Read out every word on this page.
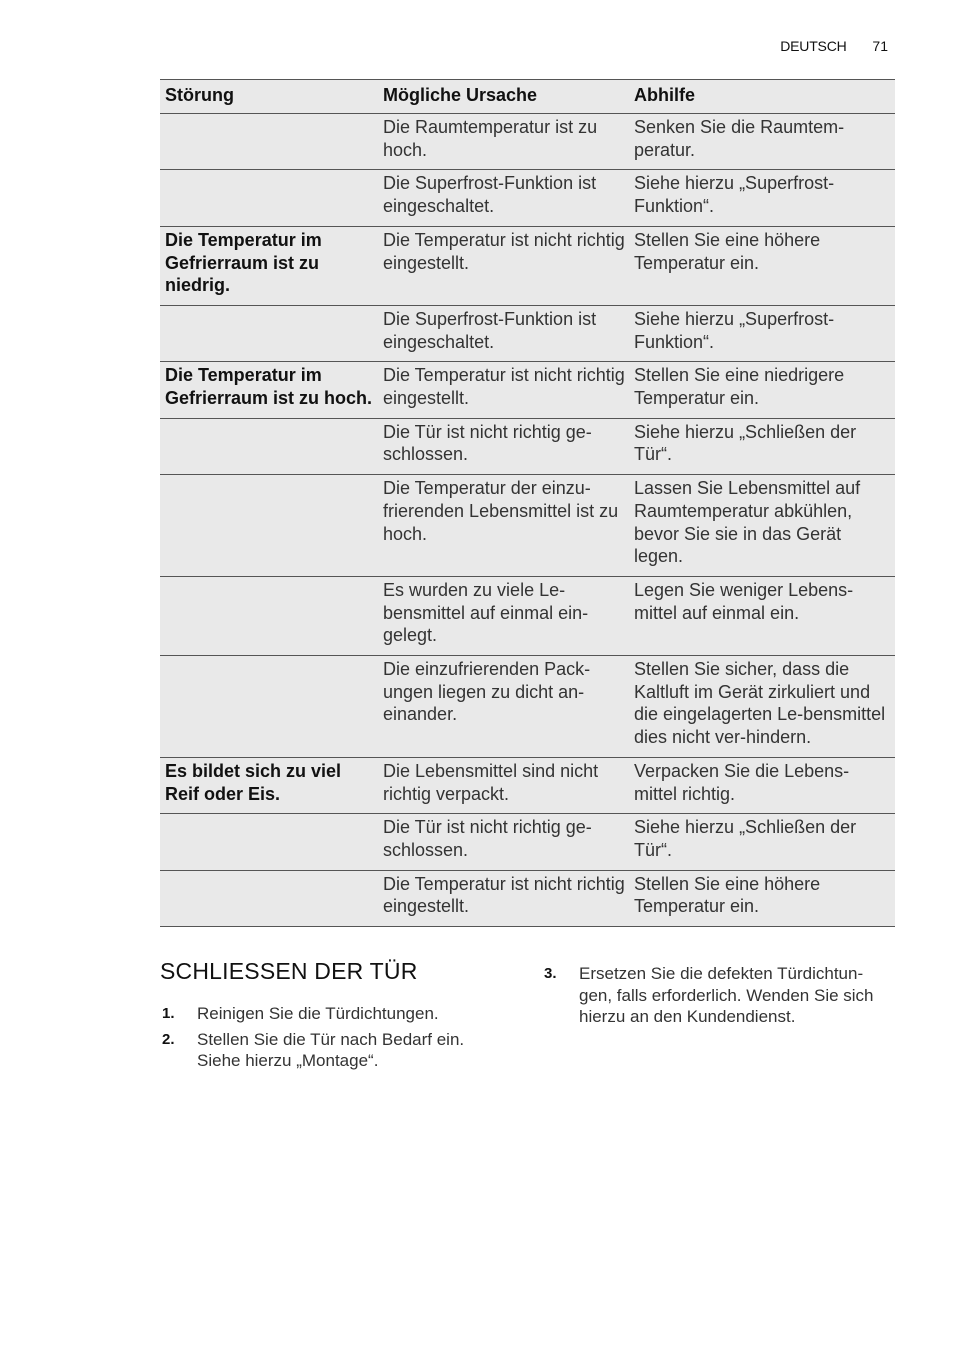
DEUTSCH 71
Störung	Mögliche Ursache	Abhilfe
	Die Raumtemperatur ist zu hoch.	Senken Sie die Raumtem-peratur.
	Die Superfrost-Funktion ist eingeschaltet.	Siehe hierzu „Superfrost-Funktion“.
Die Temperatur im Gefrierraum ist zu niedrig.	Die Temperatur ist nicht richtig eingestellt.	Stellen Sie eine höhere Temperatur ein.
	Die Superfrost-Funktion ist eingeschaltet.	Siehe hierzu „Superfrost-Funktion“.
Die Temperatur im Gefrierraum ist zu hoch.	Die Temperatur ist nicht richtig eingestellt.	Stellen Sie eine niedrigere Temperatur ein.
	Die Tür ist nicht richtig ge-schlossen.	Siehe hierzu „Schließen der Tür“.
	Die Temperatur der einzu-frierenden Lebensmittel ist zu hoch.	Lassen Sie Lebensmittel auf Raumtemperatur abkühlen, bevor Sie sie in das Gerät legen.
	Es wurden zu viele Le-bensmittel auf einmal ein-gelegt.	Legen Sie weniger Lebens-mittel auf einmal ein.
	Die einzufrierenden Pack-ungen liegen zu dicht an-einander.	Stellen Sie sicher, dass die Kaltluft im Gerät zirkuliert und die eingelagerten Le-bensmittel dies nicht ver-hindern.
Es bildet sich zu viel Reif oder Eis.	Die Lebensmittel sind nicht richtig verpackt.	Verpacken Sie die Lebens-mittel richtig.
	Die Tür ist nicht richtig ge-schlossen.	Siehe hierzu „Schließen der Tür“.
	Die Temperatur ist nicht richtig eingestellt.	Stellen Sie eine höhere Temperatur ein.
SCHLIESSEN DER TÜR
1. Reinigen Sie die Türdichtungen.
2. Stellen Sie die Tür nach Bedarf ein. Siehe hierzu „Montage“.
3. Ersetzen Sie die defekten Türdichtun-gen, falls erforderlich. Wenden Sie sich hierzu an den Kundendienst.
